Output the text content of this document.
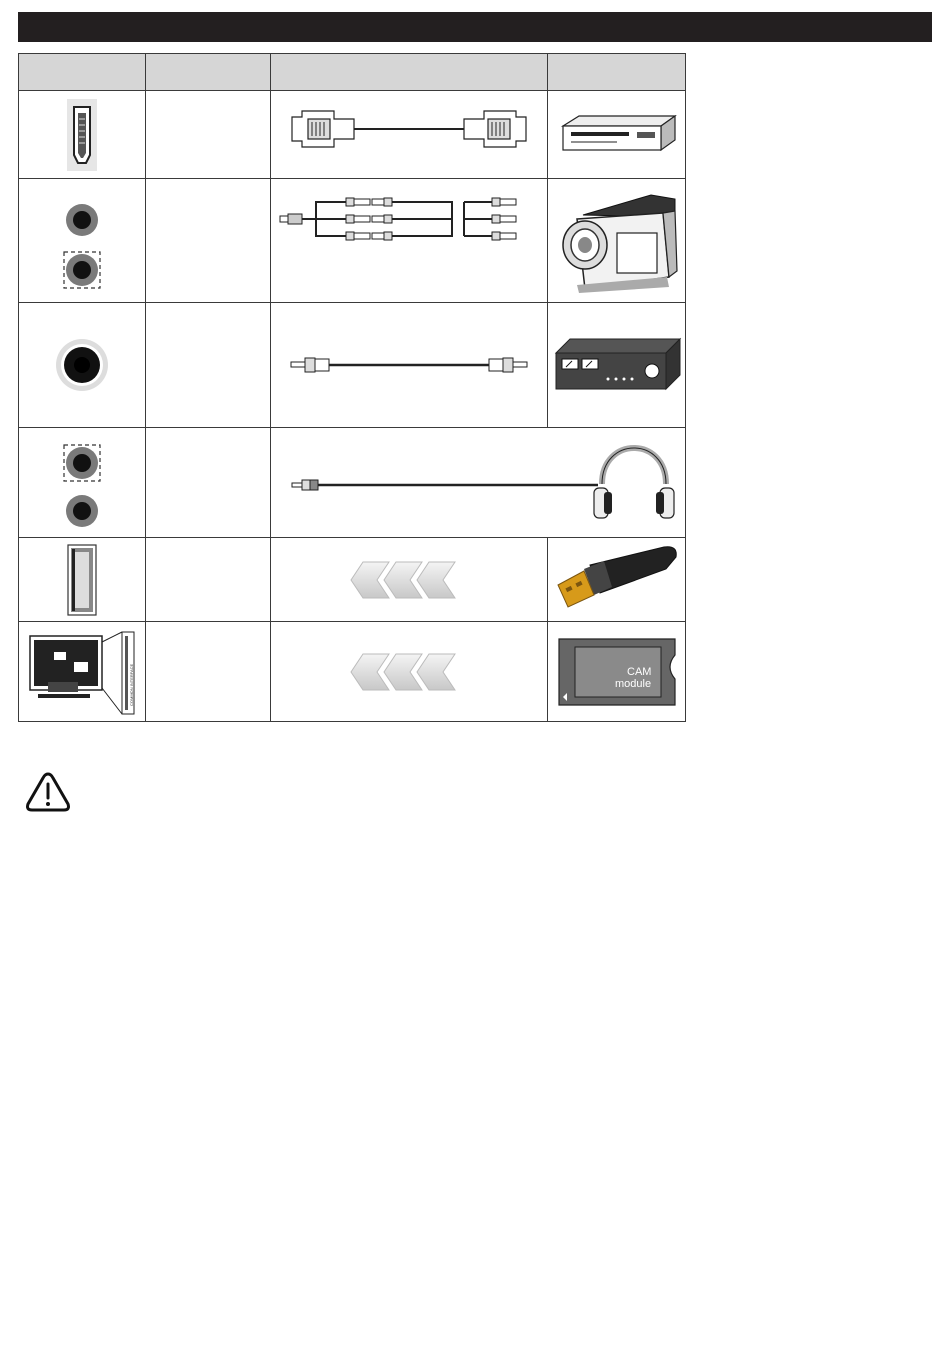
COMMON INTERFACE			CAM
module
